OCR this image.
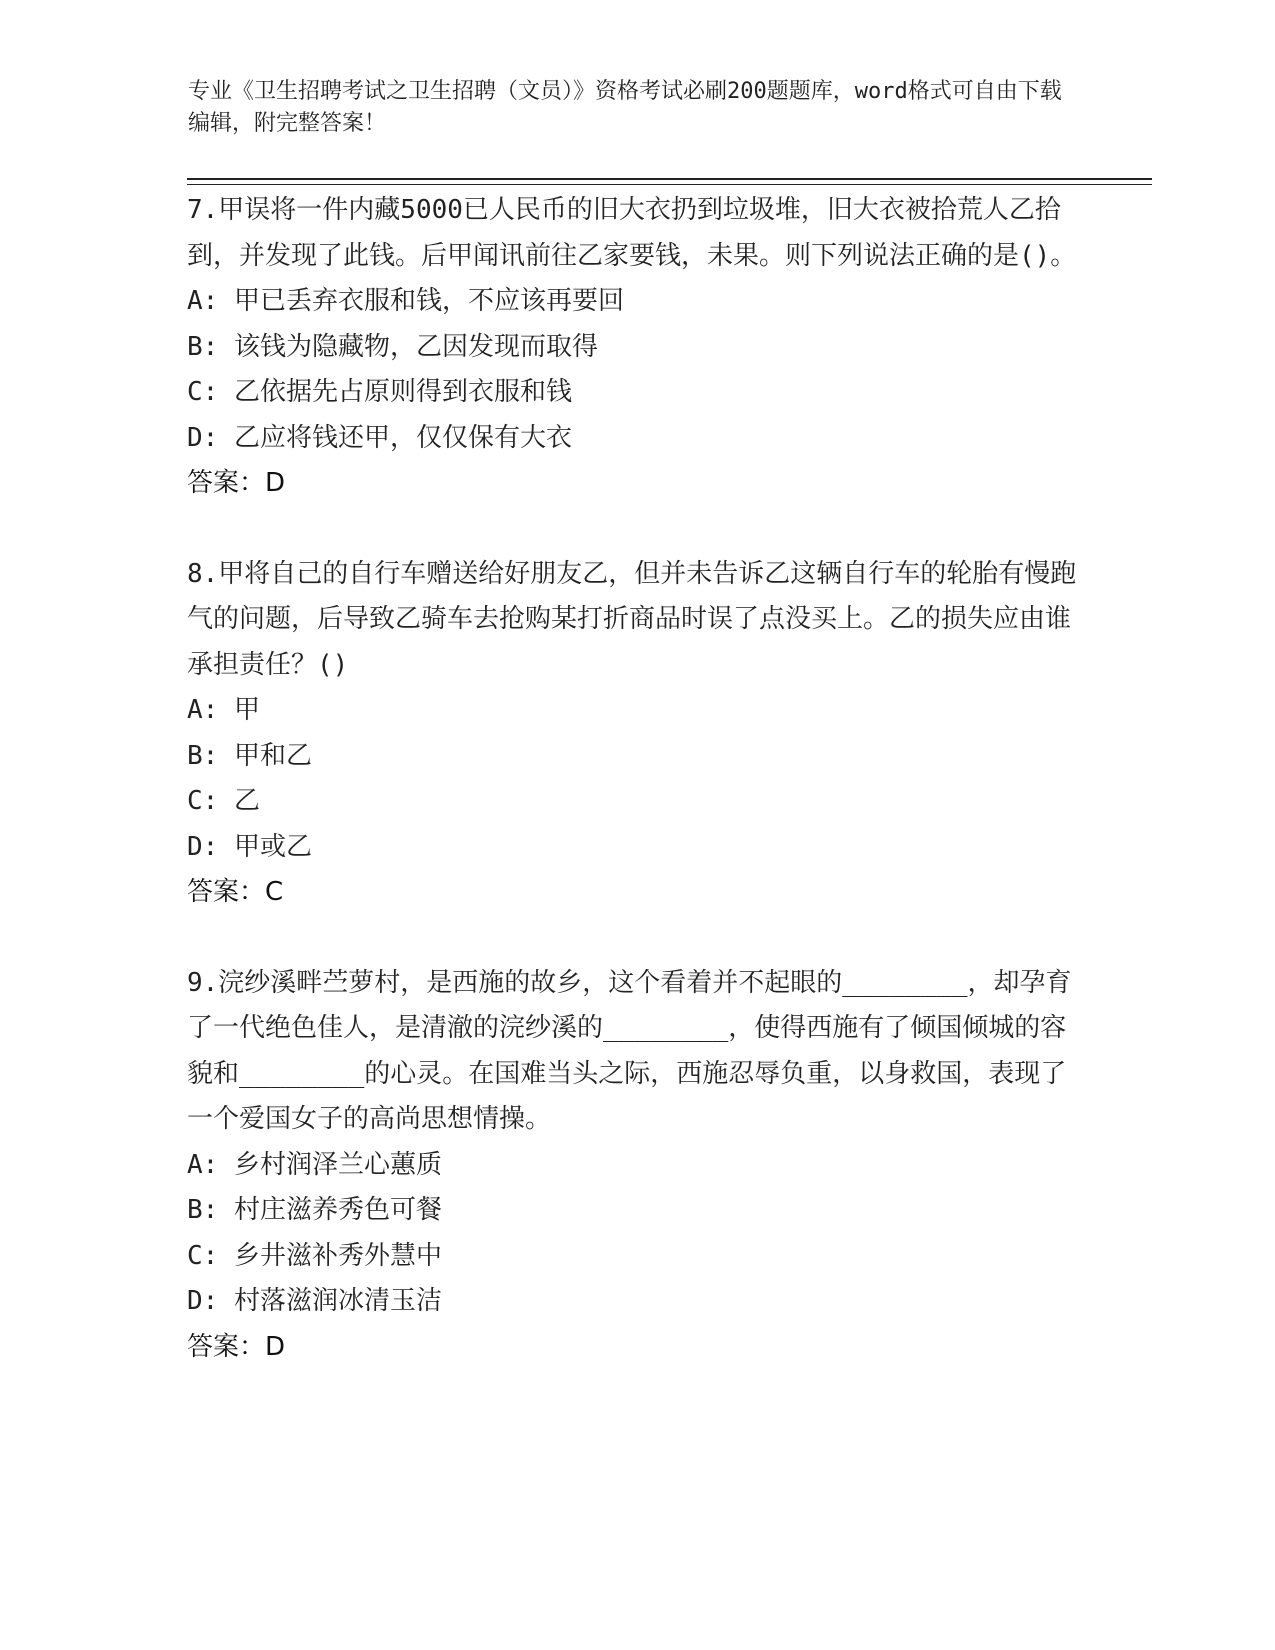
专业《卫生招聘考试之卫生招聘（文员）》资格考试必刷200题题库，word格式可自由下载编辑，附完整答案！
7.甲误将一件内藏5000已人民币的旧大衣扔到垃圾堆，旧大衣被拾荒人乙拾到，并发现了此钱。后甲闻讯前往乙家要钱，未果。则下列说法正确的是()。
A: 甲已丢弃衣服和钱，不应该再要回
B: 该钱为隐藏物，乙因发现而取得
C: 乙依据先占原则得到衣服和钱
D: 乙应将钱还甲，仅仅保有大衣
答案：D
8.甲将自己的自行车赠送给好朋友乙，但并未告诉乙这辆自行车的轮胎有慢跑气的问题，后导致乙骑车去抢购某打折商品时误了点没买上。乙的损失应由谁承担责任？()
A: 甲
B: 甲和乙
C: 乙
D: 甲或乙
答案：C
9.浣纱溪畔苎萝村，是西施的故乡，这个看着并不起眼的________，却孕育了一代绝色佳人，是清澈的浣纱溪的________，使得西施有了倾国倾城的容貌和________的心灵。在国难当头之际，西施忍辱负重，以身救国，表现了一个爱国女子的高尚思想情操。
A: 乡村润泽兰心蕙质
B: 村庄滋养秀色可餐
C: 乡井滋补秀外慧中
D: 村落滋润冰清玉洁
答案：D
